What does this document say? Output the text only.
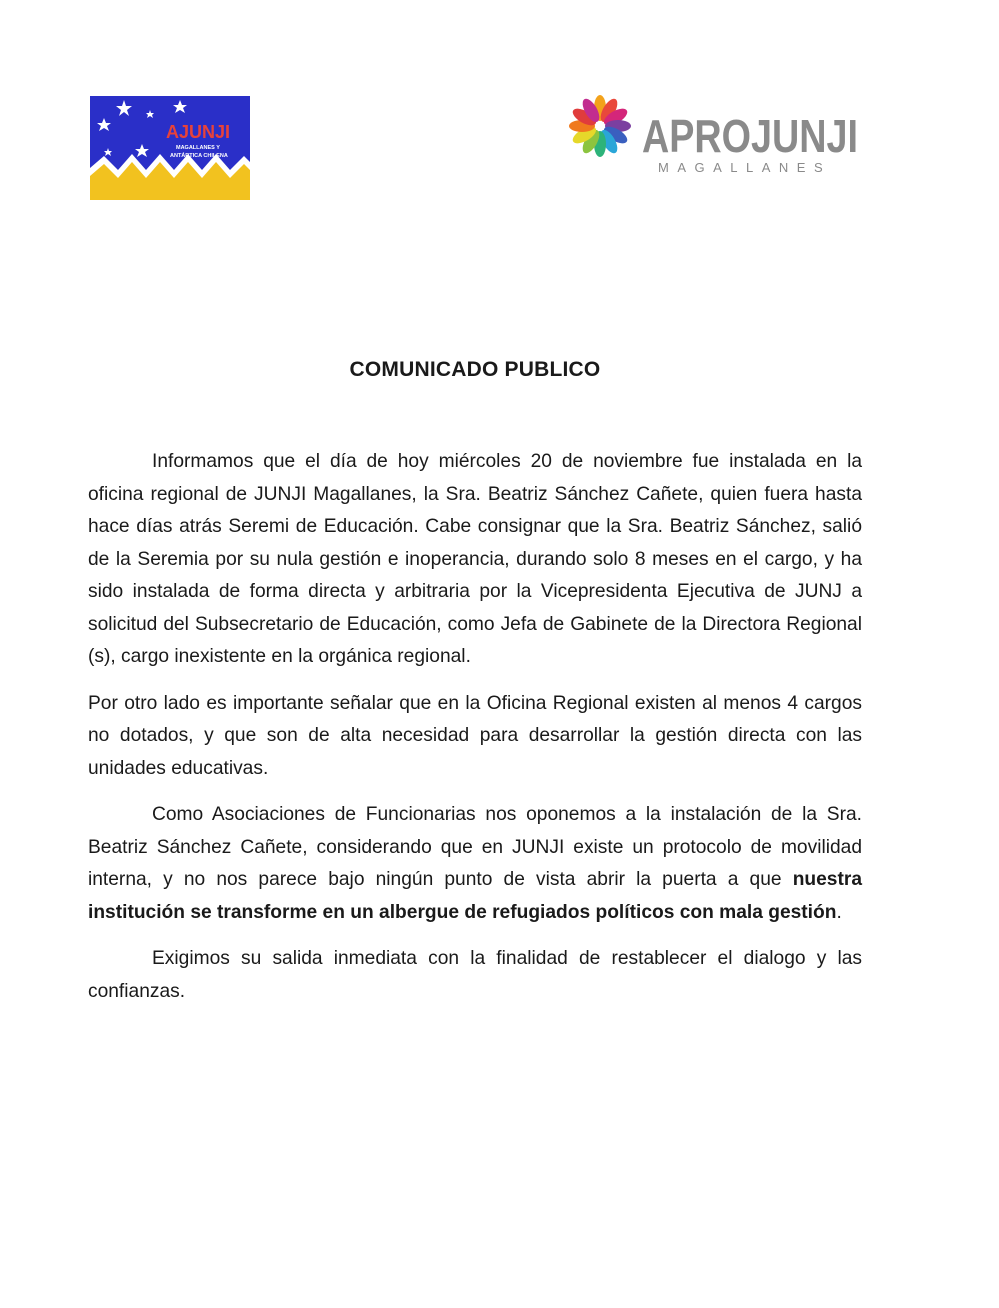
AJUNJI
MAGALLANES Y
ANTÁRTICA CHILENA	APROJUNJI
MAGALLANES
COMUNICADO PUBLICO

Informamos que el día de hoy miércoles 20 de noviembre fue instalada en la oficina regional de JUNJI Magallanes, la Sra. Beatriz Sánchez Cañete, quien fuera hasta hace días atrás Seremi de Educación. Cabe consignar que la Sra. Beatriz Sánchez, salió de la Seremia por su nula gestión e inoperancia, durando solo 8 meses en el cargo, y ha sido instalada de forma directa y arbitraria por la Vicepresidenta Ejecutiva de JUNJ a solicitud del Subsecretario de Educación, como Jefa de Gabinete de la Directora Regional (s), cargo inexistente en la orgánica regional.

Por otro lado es importante señalar que en la Oficina Regional existen al menos 4 cargos no dotados, y que son de alta necesidad para desarrollar la gestión directa con las unidades educativas.

Como Asociaciones de Funcionarias nos oponemos a la instalación de la Sra. Beatriz Sánchez Cañete, considerando que en JUNJI existe un protocolo de movilidad interna, y no nos parece bajo ningún punto de vista abrir la puerta a que nuestra institución se transforme en un albergue de refugiados políticos con mala gestión.

Exigimos su salida inmediata con la finalidad de restablecer el dialogo y las confianzas.
